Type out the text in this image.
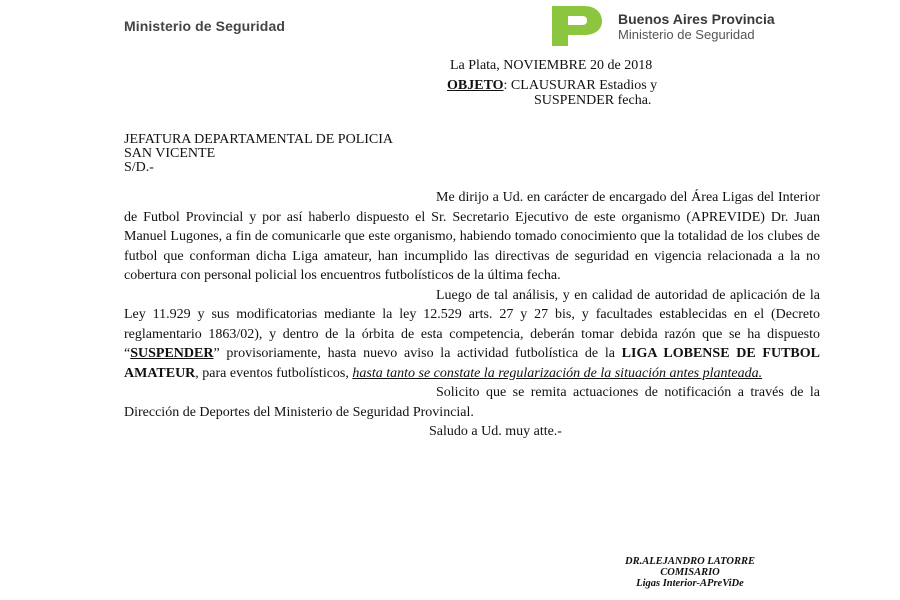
Ministerio de Seguridad	Buenos Aires Provincia
Ministerio de Seguridad
La Plata, NOVIEMBRE 20 de 2018
OBJETO: CLAUSURAR Estadios y
SUSPENDER fecha.
JEFATURA DEPARTAMENTAL DE POLICIA
SAN VICENTE
S/D.-

Me dirijo a Ud. en carácter de encargado del Área Ligas del Interior de Futbol Provincial y por así haberlo dispuesto el Sr. Secretario Ejecutivo de este organismo (APREVIDE) Dr. Juan Manuel Lugones, a fin de comunicarle que este organismo, habiendo tomado conocimiento que la totalidad de los clubes de futbol que conforman dicha Liga amateur, han incumplido las directivas de seguridad en vigencia relacionada a la no cobertura con personal policial los encuentros futbolísticos de la última fecha.

Luego de tal análisis, y en calidad de autoridad de aplicación de la Ley 11.929 y sus modificatorias mediante la ley 12.529 arts. 27 y 27 bis, y facultades establecidas en el (Decreto reglamentario 1863/02), y dentro de la órbita de esta competencia, deberán tomar debida razón que se ha dispuesto “SUSPENDER” provisoriamente, hasta nuevo aviso la actividad futbolística de la LIGA LOBENSE DE FUTBOL AMATEUR, para eventos futbolísticos, hasta tanto se constate la regularización de la situación antes planteada.

Solicito que se remita actuaciones de notificación a través de la Dirección de Deportes del Ministerio de Seguridad Provincial.

Saludo a Ud. muy atte.-

DR.ALEJANDRO LATORRE
COMISARIO
Ligas Interior-APreViDe
